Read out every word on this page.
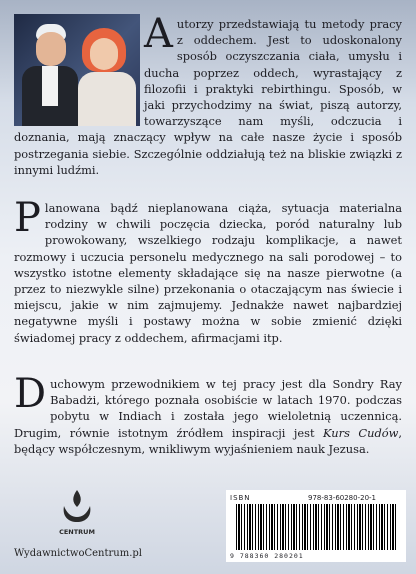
Autorzy przedstawiają tu metody pracy z oddechem. Jest to udoskonalony sposób oczyszczania ciała, umysłu i ducha poprzez oddech, wyrastający z filozofii i praktyki rebirthingu. Sposób, w jaki przychodzimy na świat, piszą autorzy, towarzyszące nam myśli, odczucia i doznania, mają znaczący wpływ na całe nasze życie i sposób postrzegania siebie. Szczególnie oddziałują też na bliskie związki z innymi ludźmi.

Planowana bądź nieplanowana ciąża, sytuacja materialna rodziny w chwili poczęcia dziecka, poród naturalny lub prowokowany, wszelkiego rodzaju komplikacje, a nawet rozmowy i uczucia personelu medycznego na sali porodowej – to wszystko istotne elementy składające się na nasze pierwotne (a przez to niezwykle silne) przekonania o otaczającym nas świecie i miejscu, jakie w nim zajmujemy. Jednakże nawet najbardziej negatywne myśli i postawy można w sobie zmienić dzięki świadomej pracy z oddechem, afirmacjami itp.

Duchowym przewodnikiem w tej pracy jest dla Sondry Ray Babadżi, którego poznała osobiście w latach 1970. podczas pobytu w Indiach i została jego wieloletnią uczennicą. Drugim, równie istotnym źródłem inspiracji jest Kurs Cudów, będący współczesnym, wnikliwym wyjaśnieniem nauk Jezusa.

CENTRUM
WydawnictwoCentrum.pl
ISBN	978-83-60280-20-1
9 788360 280201
